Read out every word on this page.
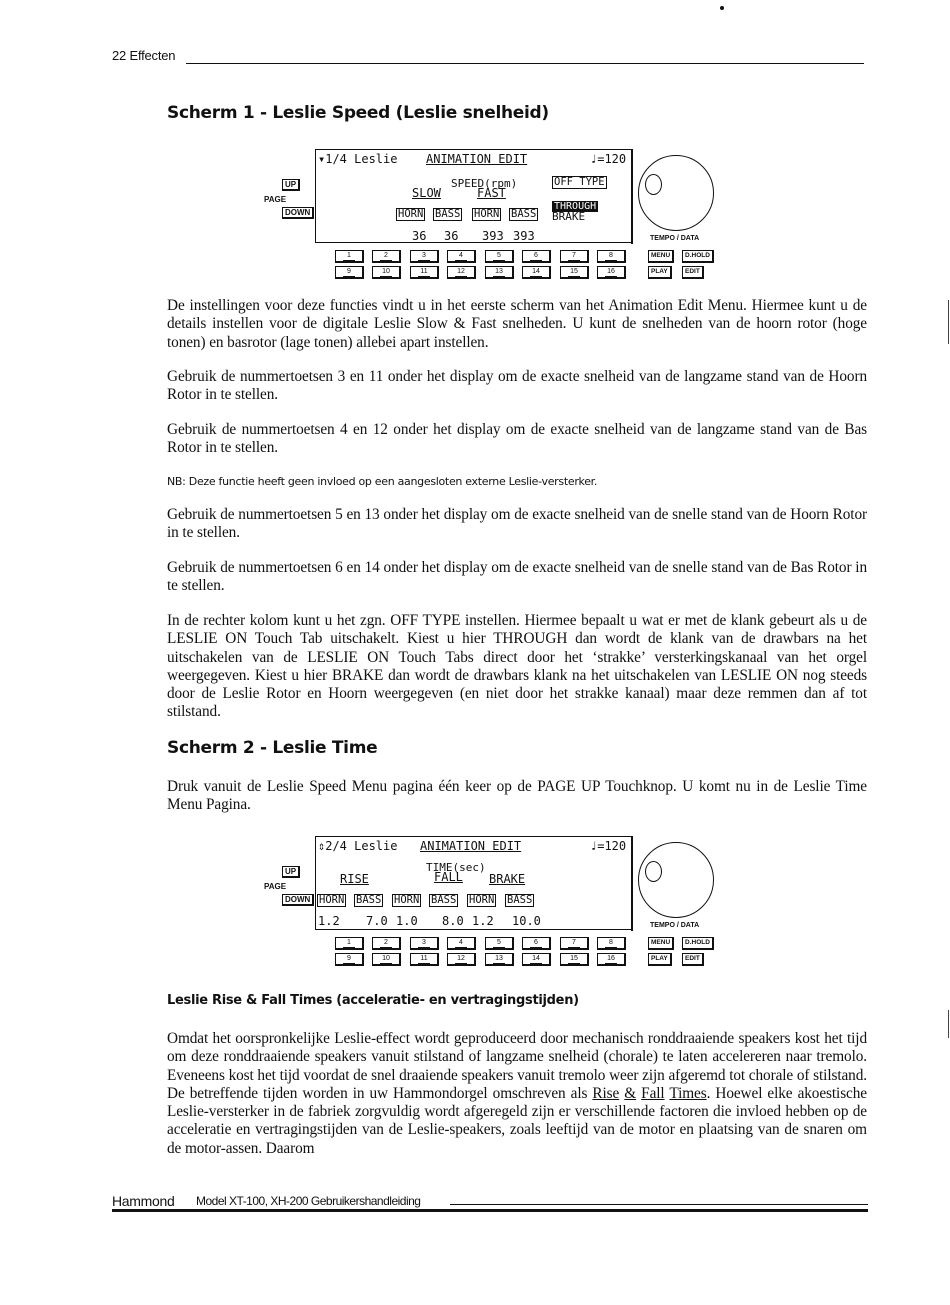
22 Effecten
Scherm 1 - Leslie Speed (Leslie snelheid)
▾1/4 Leslie ANIMATION EDIT	♩=120
SPEED(rpm)	OFF TYPE
SLOW	FAST
THROUGH
HORN BASS HORN BASS BRAKE
36 36 393 393
UP
PAGE
DOWN
TEMPO / DATA
1	2	3	4	5	6	7	8
9	10	11	12	13	14	15	16
MENU	D.HOLD
PLAY	EDIT

De instellingen voor deze functies vindt u in het eerste scherm van het Animation Edit Menu. Hiermee kunt u de details instellen voor de digitale Leslie Slow & Fast snelheden. U kunt de snelheden van de hoorn rotor (hoge tonen) en basrotor (lage tonen) allebei apart instellen.

Gebruik de nummertoetsen 3 en 11 onder het display om de exacte snelheid van de langzame stand van de Hoorn Rotor in te stellen.

Gebruik de nummertoetsen 4 en 12 onder het display om de exacte snelheid van de langzame stand van de Bas Rotor in te stellen.

NB: Deze functie heeft geen invloed op een aangesloten externe Leslie-versterker.

Gebruik de nummertoetsen 5 en 13 onder het display om de exacte snelheid van de snelle stand van de Hoorn Rotor in te stellen.

Gebruik de nummertoetsen 6 en 14 onder het display om de exacte snelheid van de snelle stand van de Bas Rotor in te stellen.

In de rechter kolom kunt u het zgn. OFF TYPE instellen. Hiermee bepaalt u wat er met de klank gebeurt als u de LESLIE ON Touch Tab uitschakelt. Kiest u hier THROUGH dan wordt de klank van de drawbars na het uitschakelen van de LESLIE ON Touch Tabs direct door het ‘strakke’ versterkingskanaal van het orgel weergegeven. Kiest u hier BRAKE dan wordt de drawbars klank na het uitschakelen van LESLIE ON nog steeds door de Leslie Rotor en Hoorn weergegeven (en niet door het strakke kanaal) maar deze remmen dan af tot stilstand.

Scherm 2 - Leslie Time

Druk vanuit de Leslie Speed Menu pagina één keer op de PAGE UP Touchknop. U komt nu in de Leslie Time Menu Pagina.

⇕2/4 Leslie ANIMATION EDIT	♩=120
TIME(sec)
RISE	FALL BRAKE
HORN BASS HORN BASS HORN BASS
1.2 7.0 1.0 8.0 1.2 10.0
UP
PAGE
DOWN
TEMPO / DATA
1	2	3	4	5	6	7	8
9	10	11	12	13	14	15	16
MENU	D.HOLD
PLAY	EDIT
Leslie Rise & Fall Times (acceleratie- en vertragingstijden)

Omdat het oorspronkelijke Leslie-effect wordt geproduceerd door mechanisch ronddraaiende speakers kost het tijd om deze ronddraaiende speakers vanuit stilstand of langzame snelheid (chorale) te laten accelereren naar tremolo. Eveneens kost het tijd voordat de snel draaiende speakers vanuit tremolo weer zijn afgeremd tot chorale of stilstand. De betreffende tijden worden in uw Hammondorgel omschreven als Rise & Fall Times. Hoewel elke akoestische Leslie-versterker in de fabriek zorgvuldig wordt afgeregeld zijn er verschillende factoren die invloed hebben op de acceleratie en vertragingstijden van de Leslie-speakers, zoals leeftijd van de motor en plaatsing van de snaren om de motor-assen. Daarom

Hammond Model XT-100, XH-200 Gebruikershandleiding
